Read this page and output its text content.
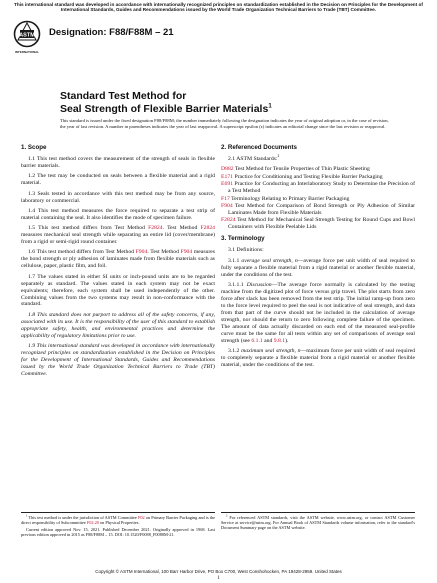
This international standard was developed in accordance with internationally recognized principles on standardization established in the Decision on Principles for the Development of International Standards, Guides and Recommendations issued by the World Trade Organization Technical Barriers to Trade (TBT) Committee.
ASTM
INTERNATIONAL
Designation: F88/F88M – 21
Standard Test Method for
Seal Strength of Flexible Barrier Materials$^1$
This standard is issued under the fixed designation F88/F88M; the number immediately following the designation indicates the year of original adoption or, in the case of revision, the year of last revision. A number in parentheses indicates the year of last reapproval. A superscript epsilon (ε) indicates an editorial change since the last revision or reapproval.
1. Scope

1.1 This test method covers the measurement of the strength of seals in flexible barrier materials.

1.2 The test may be conducted on seals between a flexible material and a rigid material.

1.3 Seals tested in accordance with this test method may be from any source, laboratory or commercial.

1.4 This test method measures the force required to separate a test strip of material containing the seal. It also identifies the mode of specimen failure.

1.5 This test method differs from Test Method F2824. Test Method F2824 measures mechanical seal strength while separating an entire lid (cover/membrane) from a rigid or semi-rigid round container.

1.6 This test method differs from Test Method F904. Test Method F904 measures the bond strength or ply adhesion of laminates made from flexible materials such as cellulose, paper, plastic film, and foil.

1.7 The values stated in either SI units or inch-pound units are to be regarded separately as standard. The values stated in each system may not be exact equivalents; therefore, each system shall be used independently of the other. Combining values from the two systems may result in non-conformance with the standard.

1.8 This standard does not purport to address all of the safety concerns, if any, associated with its use. It is the responsibility of the user of this standard to establish appropriate safety, health, and environmental practices and determine the applicability of regulatory limitations prior to use.

1.9 This international standard was developed in accordance with internationally recognized principles on standardization established in the Decision on Principles for the Development of International Standards, Guides and Recommendations issued by the World Trade Organization Technical Barriers to Trade (TBT) Committee.

2. Referenced Documents

2.1 ASTM Standards:$^2$

D882 Test Method for Tensile Properties of Thin Plastic Sheeting

E171 Practice for Conditioning and Testing Flexible Barrier Packaging

E691 Practice for Conducting an Interlaboratory Study to Determine the Precision of a Test Method

F17 Terminology Relating to Primary Barrier Packaging

F904 Test Method for Comparison of Bond Strength or Ply Adhesion of Similar Laminates Made from Flexible Materials

F2824 Test Method for Mechanical Seal Strength Testing for Round Cups and Bowl Containers with Flexible Peelable Lids

3. Terminology

3.1 Definitions:

3.1.1 average seal strength, n—average force per unit width of seal required to fully separate a flexible material from a rigid material or another flexible material, under the conditions of the test.

3.1.1.1 Discussion—The average force normally is calculated by the testing machine from the digitized plot of force versus grip travel. The plot starts from zero force after slack has been removed from the test strip. The initial ramp-up from zero to the force level required to peel the seal is not indicative of seal strength, and data from that part of the curve should not be included in the calculation of average strength, nor should the return to zero following complete failure of the specimen. The amount of data actually discarded on each end of the measured seal-profile curve must be the same for all tests within any set of comparisons of average seal strength (see 6.1.1 and 9.8.1).

3.1.2 maximum seal strength, n—maximum force per unit width of seal required to completely separate a flexible material from a rigid material or another flexible material, under the conditions of the test.

$^1$ This test method is under the jurisdiction of ASTM Committee F02 on Primary Barrier Packaging and is the direct responsibility of Subcommittee F02.20 on Physical Properties.

Current edition approved Nov. 15, 2021. Published December 2021. Originally approved in 1968. Last previous edition approved in 2015 as F88/F88M – 15. DOI: 10.1520/F0088_F0088M-21.

$^2$ For referenced ASTM standards, visit the ASTM website, www.astm.org, or contact ASTM Customer Service at service@astm.org. For Annual Book of ASTM Standards volume information, refer to the standard's Document Summary page on the ASTM website.

Copyright © ASTM International, 100 Barr Harbor Drive, PO Box C700, West Conshohocken, PA 19428-2959. United States
1
